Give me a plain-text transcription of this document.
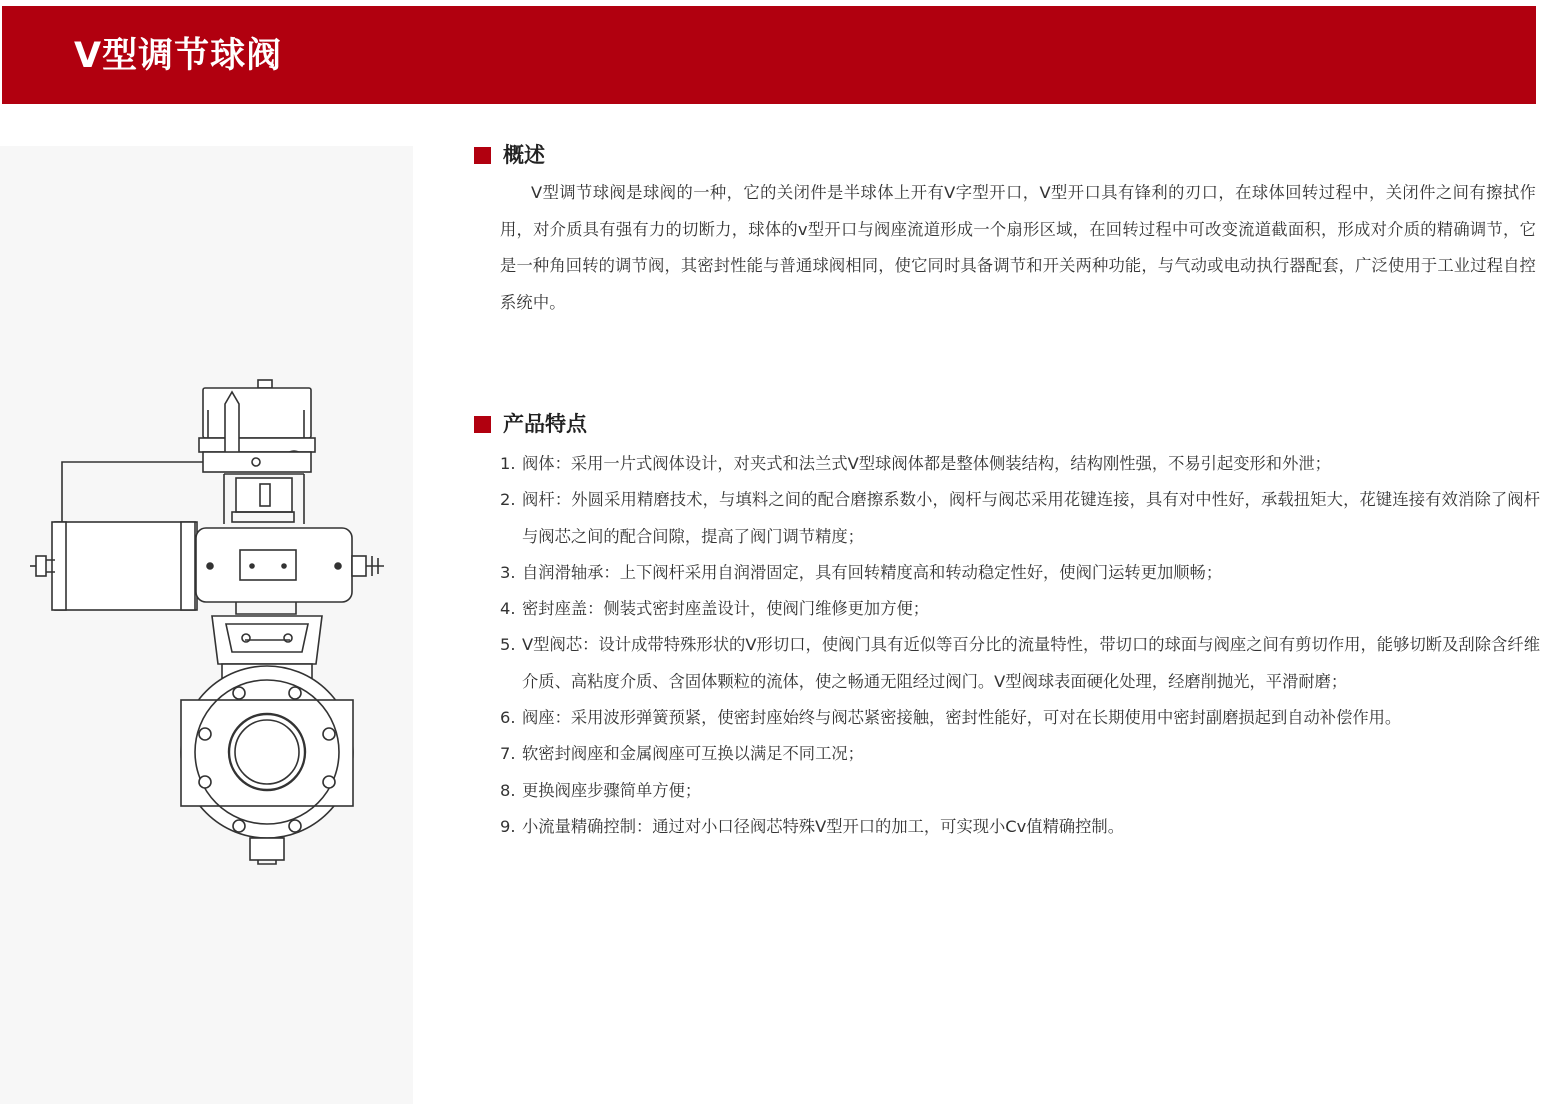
V型调节球阀
概述

V型调节球阀是球阀的一种，它的关闭件是半球体上开有V字型开口，V型开口具有锋利的刃口，在球体回转过程中，关闭件之间有擦拭作用，对介质具有强有力的切断力，球体的v型开口与阀座流道形成一个扇形区域，在回转过程中可改变流道截面积，形成对介质的精确调节，它是一种角回转的调节阀，其密封性能与普通球阀相同，使它同时具备调节和开关两种功能，与气动或电动执行器配套，广泛使用于工业过程自控系统中。

产品特点
1. 阀体：采用一片式阀体设计，对夹式和法兰式V型球阀体都是整体侧装结构，结构刚性强，不易引起变形和外泄；
2. 阀杆：外圆采用精磨技术，与填料之间的配合磨擦系数小，阀杆与阀芯采用花键连接，具有对中性好，承载扭矩大，花键连接有效消除了阀杆与阀芯之间的配合间隙，提高了阀门调节精度；
3. 自润滑轴承：上下阀杆采用自润滑固定，具有回转精度高和转动稳定性好，使阀门运转更加顺畅；
4. 密封座盖：侧装式密封座盖设计，使阀门维修更加方便；
5. V型阀芯：设计成带特殊形状的V形切口，使阀门具有近似等百分比的流量特性，带切口的球面与阀座之间有剪切作用，能够切断及刮除含纤维介质、高粘度介质、含固体颗粒的流体，使之畅通无阻经过阀门。V型阀球表面硬化处理，经磨削抛光，平滑耐磨；
6. 阀座：采用波形弹簧预紧，使密封座始终与阀芯紧密接触，密封性能好，可对在长期使用中密封副磨损起到自动补偿作用。
7. 软密封阀座和金属阀座可互换以满足不同工况；
8. 更换阀座步骤简单方便；
9. 小流量精确控制：通过对小口径阀芯特殊V型开口的加工，可实现小Cv值精确控制。
